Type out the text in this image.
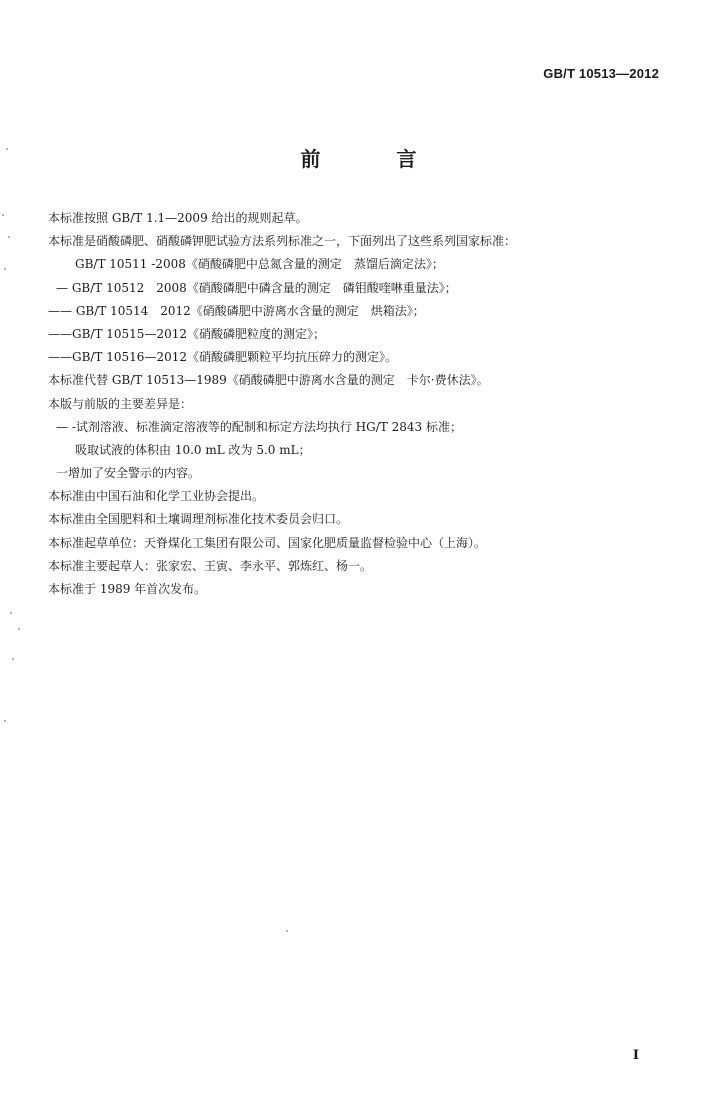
GB/T 10513—2012
前　言
本标准按照 GB/T 1.1—2009 给出的规则起草。
本标准是硝酸磷肥、硝酸磷钾肥试验方法系列标准之一，下面列出了这些系列国家标准：
GB/T 10511 -2008《硝酸磷肥中总氮含量的测定　蒸馏后滴定法》；
— GB/T 10512　2008《硝酸磷肥中磷含量的测定　磷钼酸喹啉重量法》；
—— GB/T 10514　2012《硝酸磷肥中游离水含量的测定　烘箱法》；
——GB/T 10515—2012《硝酸磷肥粒度的测定》；
——GB/T 10516—2012《硝酸磷肥颗粒平均抗压碎力的测定》。
本标准代替 GB/T 10513—1989《硝酸磷肥中游离水含量的测定　卡尔·费休法》。
本版与前版的主要差异是：
— -试剂溶液、标准滴定溶液等的配制和标定方法均执行 HG/T 2843 标准；
吸取试液的体积由 10.0 mL 改为 5.0 mL；
一增加了安全警示的内容。
本标准由中国石油和化学工业协会提出。
本标准由全国肥料和土壤调理剂标准化技术委员会归口。
本标准起草单位：天脊煤化工集团有限公司、国家化肥质量监督检验中心（上海）。
本标准主要起草人：张家宏、王寅、李永平、郭炼红、杨一。
本标准于 1989 年首次发布。
I
